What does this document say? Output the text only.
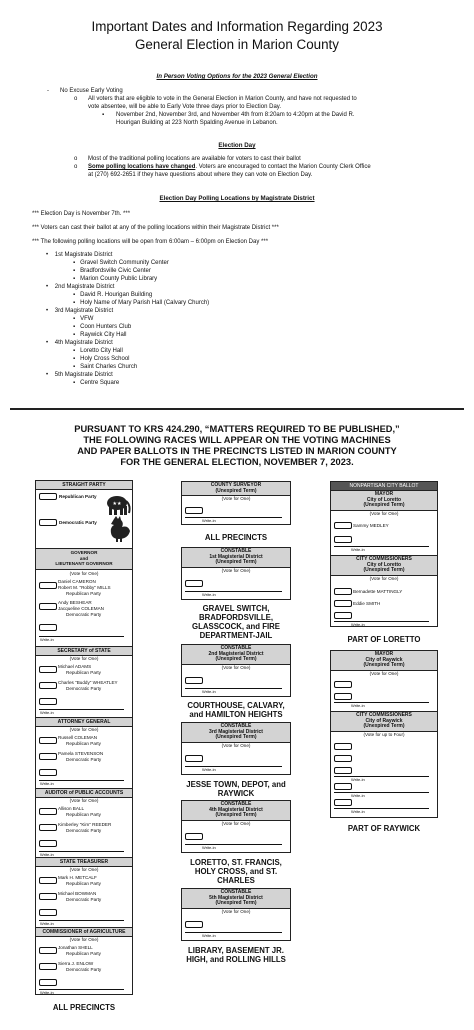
Important Dates and Information Regarding 2023
General Election in Marion County
In Person Voting Options for the 2023 General Election
- No Excuse Early Voting
o All voters that are eligible to vote in the General Election in Marion County, and have not requested to
vote absentee, will be able to Early Vote three days prior to Election Day.
▪ November 2nd, November 3rd, and November 4th from 8:20am to 4:20pm at the David R.
Hourigan Building at 223 North Spalding Avenue in Lebanon.
Election Day
o Most of the traditional polling locations are available for voters to cast their ballot
o Some polling locations have changed. Voters are encouraged to contact the Marion County Clerk Office
at (270) 692-2651 if they have questions about where they can vote on Election Day.
Election Day Polling Locations by Magistrate District
*** Election Day is November 7th. ***
*** Voters can cast their ballot at any of the polling locations within their Magistrate District ***
*** The following polling locations will be open from 6:00am – 6:00pm on Election Day ***
•    1st Magistrate District
▪   Gravel Switch Community Center
▪   Bradfordsville Civic Center
▪   Marion County Public Library
•    2nd Magistrate District
▪   David R. Hourigan Building
▪   Holy Name of Mary Parish Hall (Calvary Church)
•    3rd Magistrate District
▪   VFW
▪   Coon Hunters Club
▪   Raywick City Hall
•    4th Magistrate District
▪   Loretto City Hall
▪   Holy Cross School
▪   Saint Charles Church
•    5th Magistrate District
▪   Centre Square
PURSUANT TO KRS 424.290, “MATTERS REQUIRED TO BE PUBLISHED,”
THE FOLLOWING RACES WILL APPEAR ON THE VOTING MACHINES
AND PAPER BALLOTS IN THE PRECINCTS LISTED IN MARION COUNTY
FOR THE GENERAL ELECTION, NOVEMBER 7, 2023.
STRAIGHT PARTY
Republican Party
★★
Democratic Party
GOVERNOR
and
LIEUTENANT GOVERNOR
(Vote for One)
Daniel CAMERON
Robert M. "Robby" MILLS
Republican Party
Andy BESHEAR
Jacqueline COLEMAN
Democratic Party
Write-in
SECRETARY of STATE
(Vote for One)
Michael ADAMS
Republican Party
Charles "Buddy" WHEATLEY
Democratic Party
Write-in
ATTORNEY GENERAL
(Vote for One)
Russell COLEMAN
Republican Party
Pamela STEVENSON
Democratic Party
Write-in
AUDITOR of PUBLIC ACCOUNTS
(Vote for One)
Allison BALL
Republican Party
Kimberley "Kim" REEDER
Democratic Party
Write-in
STATE TREASURER
(Vote for One)
Mark H. METCALF
Republican Party
Michael BOWMAN
Democratic Party
Write-in
COMMISSIONER of AGRICULTURE
(Vote for One)
Jonathan SHELL
Republican Party
Sierra J. ENLOW
Democratic Party
Write-in
ALL PRECINCTS
COUNTY SURVEYOR
(Unexpired Term)
(Vote for One)
Write-in
ALL PRECINCTS
CONSTABLE
1st Magisterial District
(Unexpired Term)
(Vote for One)
Write-in
GRAVEL SWITCH, BRADFORDSVILLE, GLASSCOCK, and FIRE DEPARTMENT-JAIL
CONSTABLE
2nd Magisterial District
(Unexpired Term)
(Vote for One)
Write-in
COURTHOUSE, CALVARY, and HAMILTON HEIGHTS
CONSTABLE
3rd Magisterial District
(Unexpired Term)
(Vote for One)
Write-in
JESSE TOWN, DEPOT, and RAYWICK
CONSTABLE
4th Magisterial District
(Unexpired Term)
(Vote for One)
Write-in
LORETTO, ST. FRANCIS, HOLY CROSS, and ST. CHARLES
CONSTABLE
5th Magisterial District
(Unexpired Term)
(Vote for One)
Write-in
LIBRARY, BASEMENT JR. HIGH, and ROLLING HILLS
NONPARTISAN CITY BALLOT
MAYOR
City of Loretto
(Unexpired Term)
(Vote for One)
Sammy MEDLEY
Write-in
CITY COMMISSIONERS
City of Loretto
(Unexpired Term)
(Vote for One)
Bernadette MATTINGLY
Eddie SMITH
Write-in
PART OF LORETTO
MAYOR
City of Raywick
(Unexpired Term)
(Vote for One)
Write-in
CITY COMMISSIONERS
City of Raywick
(Unexpired Term)
(Vote for up to Four)
Write-in
Write-in
Write-in
PART OF RAYWICK
